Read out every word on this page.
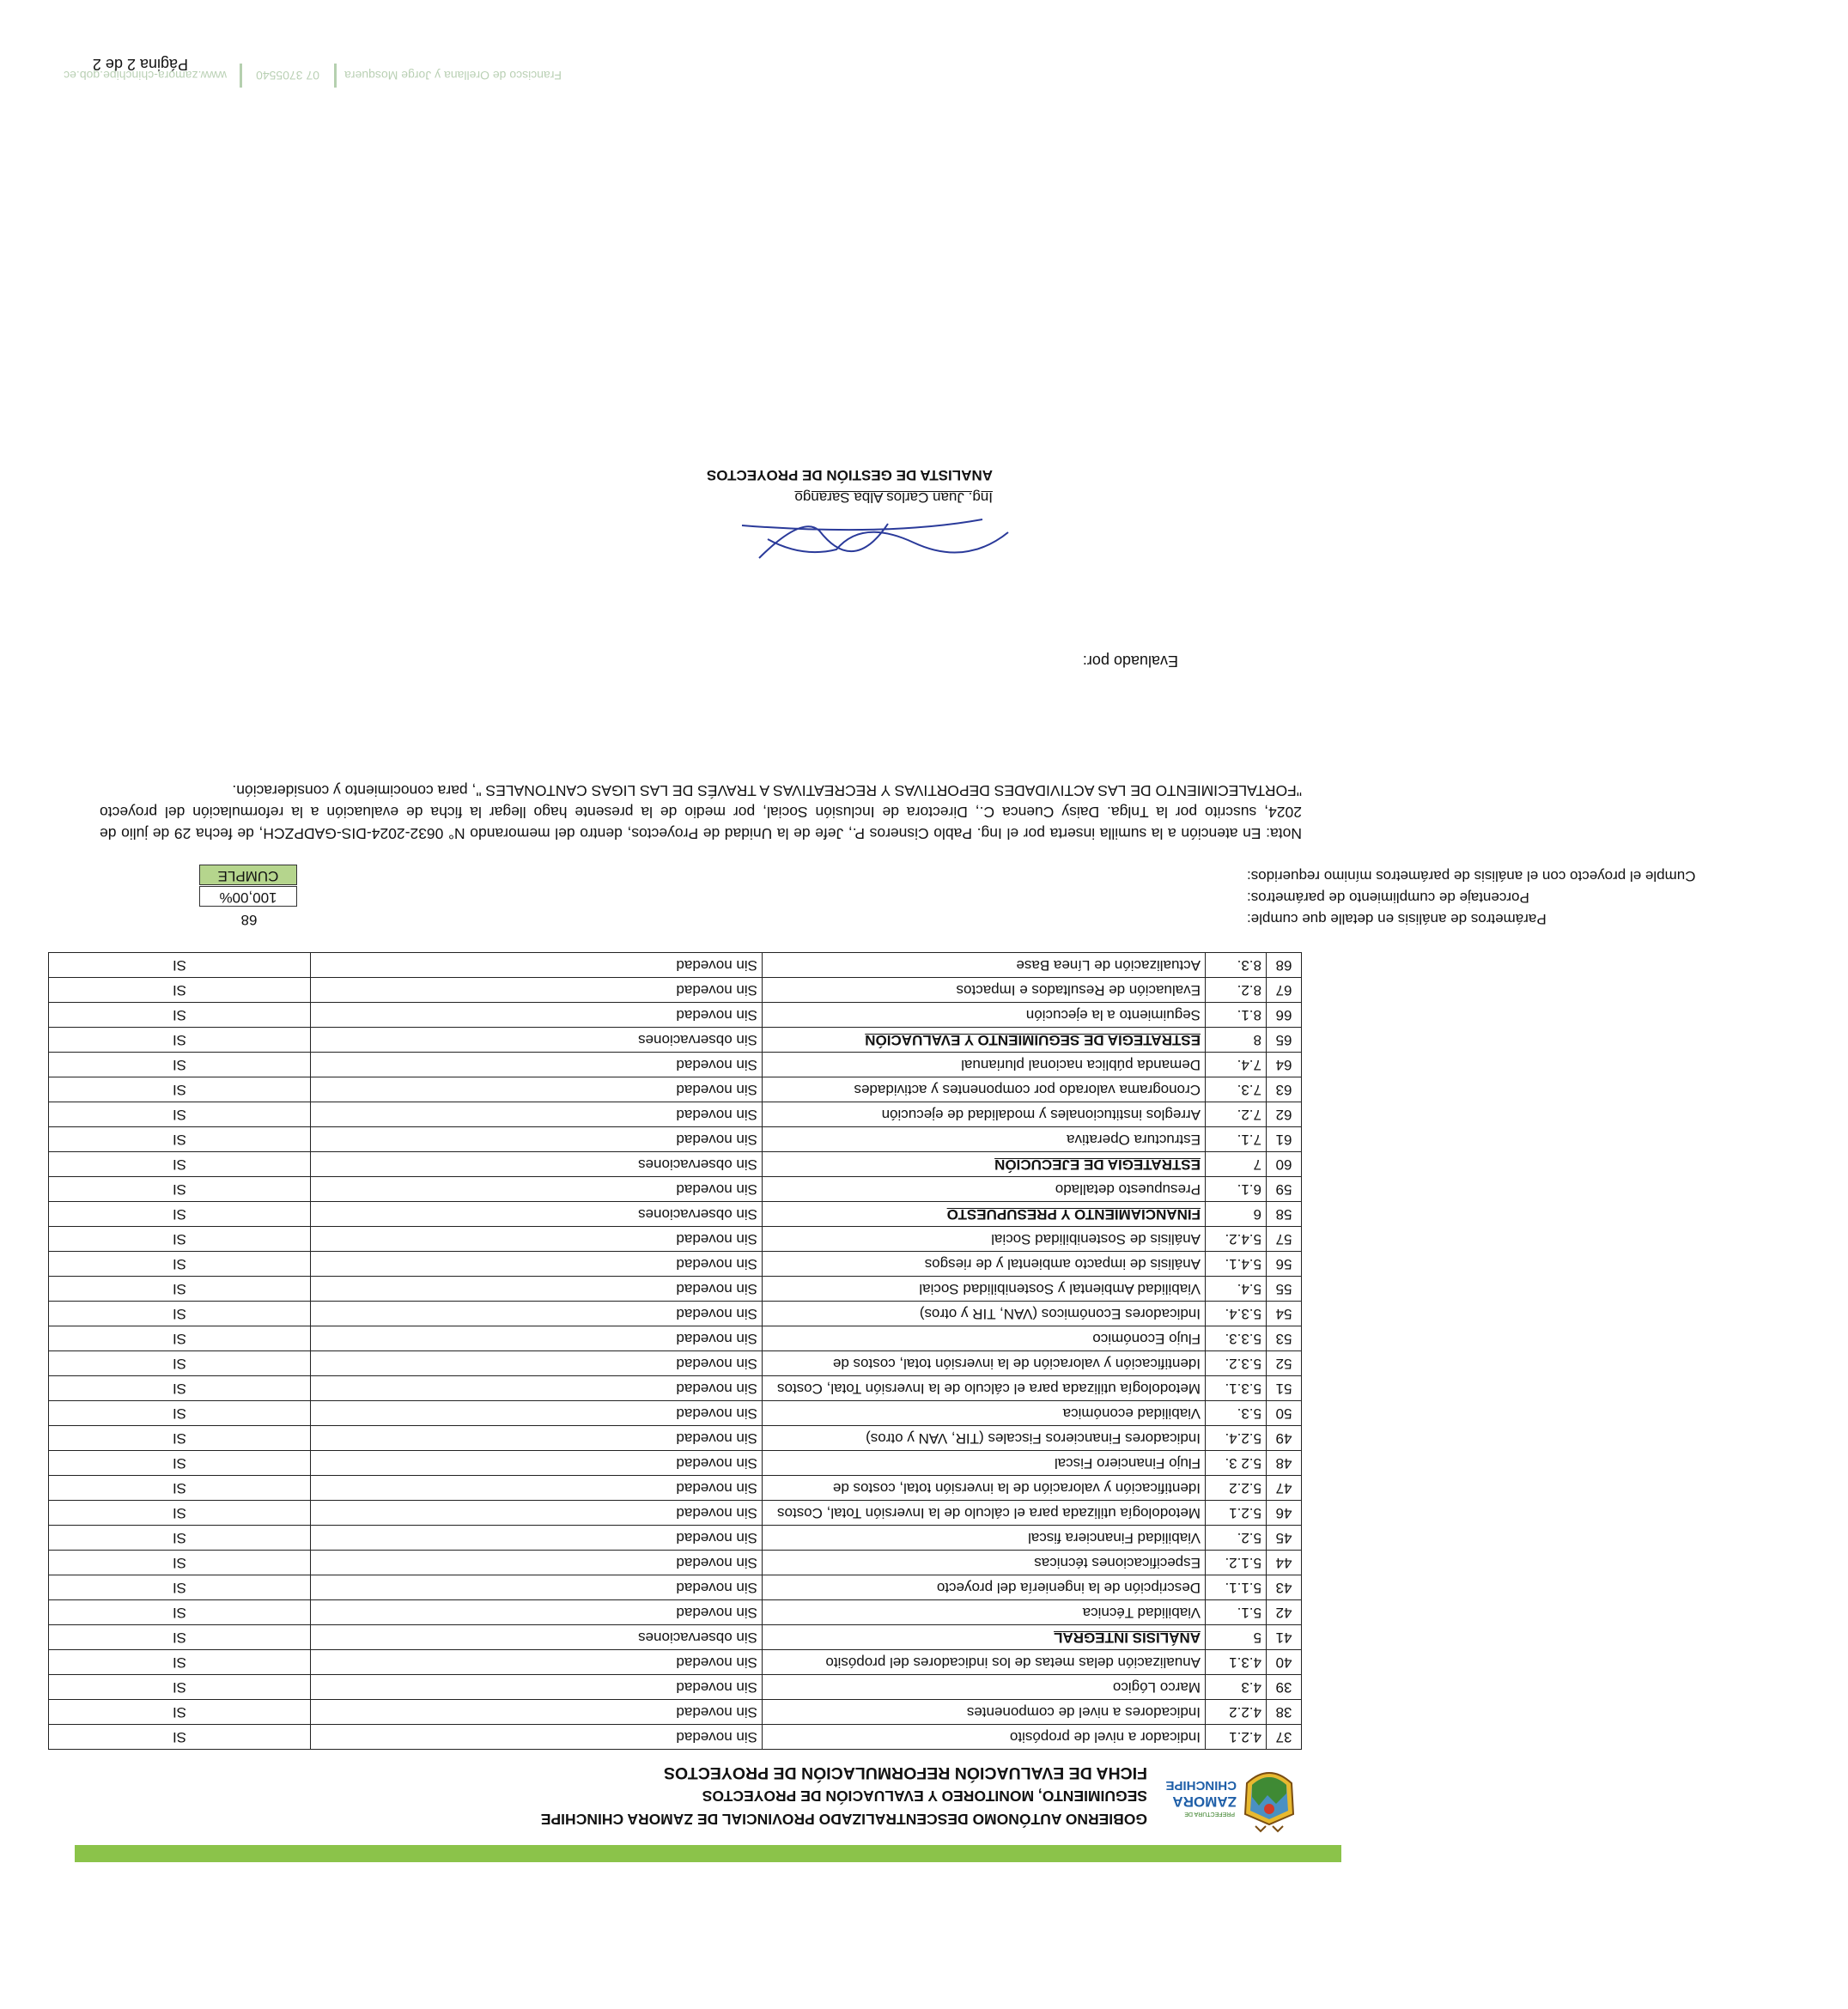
PREFECTURA DE
ZAMORA
CHINCHIPE
GOBIERNO AUTÓNOMO DESCENTRALIZADO PROVINCIAL DE ZAMORA CHINCHIPE
SEGUIMIENTO, MONITOREO Y EVALUACIÓN DE PROYECTOS
FICHA DE EVALUACIÓN REFORMULACIÓN DE PROYECTOS
37	4.2.1	Indicador a nivel de propósito	Sin novedad	SI
38	4.2.2	Indicadores a nivel de componentes	Sin novedad	SI
39	4.3	Marco Lógico	Sin novedad	SI
40	4.3.1	Anualización delas metas de los indicadores del propósito	Sin novedad	SI
41	5	ANÁLISIS INTEGRAL	Sin observaciones	SI
42	5.1.	Viabilidad Técnica	Sin novedad	SI
43	5.1.1.	Descripción de la ingeniería del proyecto	Sin novedad	SI
44	5.1.2.	Especificaciones técnicas	Sin novedad	SI
45	5.2.	Viabilidad Financiera fiscal	Sin novedad	SI
46	5.2.1	Metodología utilizada para el cálculo de la Inversión Total, Costos	Sin novedad	SI
47	5.2.2	Identificación y valoración de la inversión total, costos de	Sin novedad	SI
48	5.2 3.	Flujo Financiero Fiscal	Sin novedad	SI
49	5.2.4.	Indicadores Financieros Fiscales (TIR, VAN y otros)	Sin novedad	SI
50	5.3.	Viabilidad económica	Sin novedad	SI
51	5.3.1.	Metodología utilizada para el cálculo de la Inversión Total, Costos	Sin novedad	SI
52	5.3.2.	Identificación y valoración de la inversión total, costos de	Sin novedad	SI
53	5.3.3.	Flujo Económico	Sin novedad	SI
54	5.3.4.	Indicadores Económicos (VAN, TIR y otros)	Sin novedad	SI
55	5.4.	Viabilidad Ambiental y Sostenibilidad Social	Sin novedad	SI
56	5.4.1.	Análisis de impacto ambiental y de riesgos	Sin novedad	SI
57	5.4.2.	Análisis de Sostenibilidad Social	Sin novedad	SI
58	6	FINANCIAMIENTO Y PRESUPUESTO	Sin observaciones	SI
59	6.1.	Presupuesto detallado	Sin novedad	SI
60	7	ESTRATEGIA DE EJECUCIÓN	Sin observaciones	SI
61	7.1.	Estructura Operativa	Sin novedad	SI
62	7.2.	Arreglos institucionales y modalidad de ejecución	Sin novedad	SI
63	7.3.	Cronograma valorado por componentes y actividades	Sin novedad	SI
64	7.4.	Demanda pública nacional plurianual	Sin novedad	SI
65	8	ESTRATEGIA DE SEGUIMIENTO Y EVALUACIÓN	Sin observaciones	SI
66	8.1.	Seguimiento a la ejecución	Sin novedad	SI
67	8.2.	Evaluación de Resultados e Impactos	Sin novedad	SI
68	8.3.	Actualización de Línea Base	Sin novedad	SI
Parámetros de análisis en detalle que cumple:
68
Porcentaje de cumplimiento de parámetros:
100,00%
Cumple el proyecto con el análisis de parámetros mínimo requeridos:
CUMPLE
Nota: En atención a la sumilla inserta por el Ing. Pablo Cisneros P., Jefe de la Unidad de Proyectos, dentro del memorando N° 0632-2024-DIS-GADPZCH, de fecha 29 de julio de 2024, suscrito por la Tnlga. Daisy Cuenca C., Directora de Inclusión Social, por medio de la presente hago llegar la ficha de evaluación a la reformulación del proyecto "FORTALECIMIENTO DE LAS ACTIVIDADES DEPORTIVAS Y RECREATIVAS A TRAVÉS DE LAS LIGAS CANTONALES ", para conocimiento y consideración.
Evaluado por:
Ing. Juan Carlos Alba Sarango
ANALISTA DE GESTIÓN DE PROYECTOS
Francisco de Orellana y Jorge Mosquera
07 3705540
www.zamora-chinchipe.gob.ec
Página 2 de 2
